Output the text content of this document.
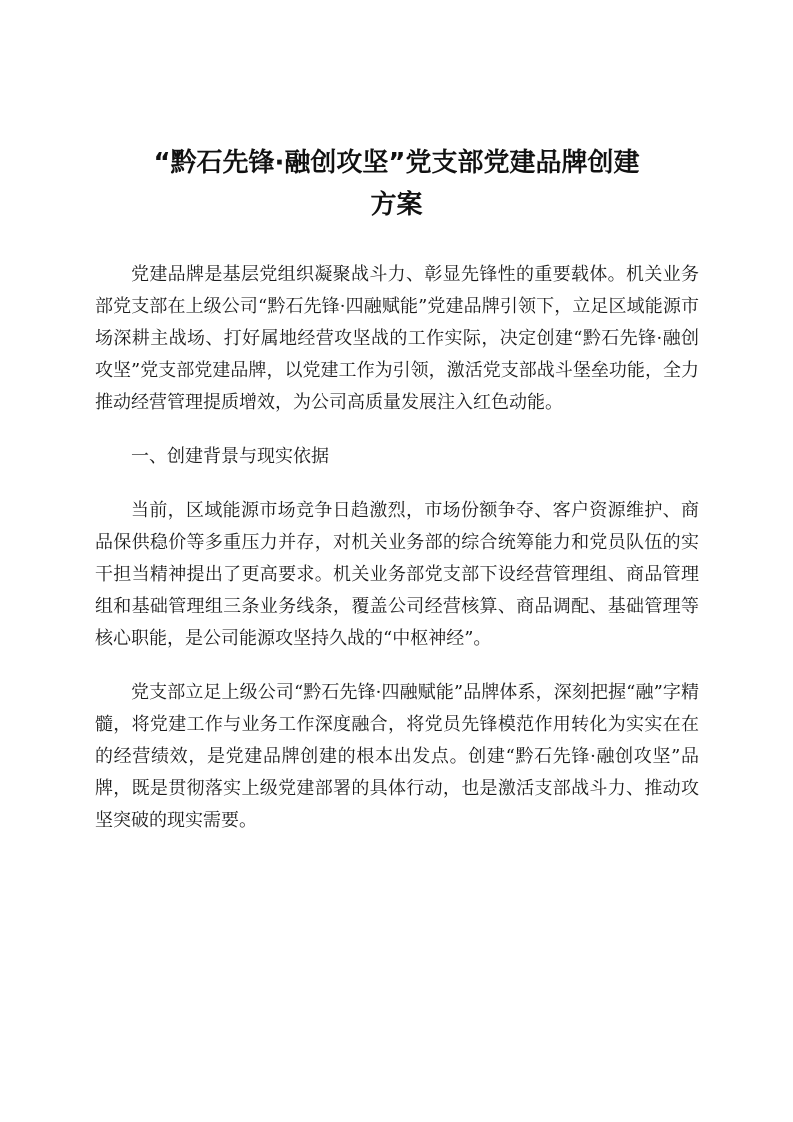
“黔石先锋·融创攻坚”党支部党建品牌创建
方案

党建品牌是基层党组织凝聚战斗力、彰显先锋性的重要载体。机关业务部党支部在上级公司“黔石先锋·四融赋能”党建品牌引领下，立足区域能源市场深耕主战场、打好属地经营攻坚战的工作实际，决定创建“黔石先锋·融创攻坚”党支部党建品牌，以党建工作为引领，激活党支部战斗堡垒功能，全力推动经营管理提质增效，为公司高质量发展注入红色动能。

一、创建背景与现实依据

当前，区域能源市场竞争日趋激烈，市场份额争夺、客户资源维护、商品保供稳价等多重压力并存，对机关业务部的综合统筹能力和党员队伍的实干担当精神提出了更高要求。机关业务部党支部下设经营管理组、商品管理组和基础管理组三条业务线条，覆盖公司经营核算、商品调配、基础管理等核心职能，是公司能源攻坚持久战的“中枢神经”。

党支部立足上级公司“黔石先锋·四融赋能”品牌体系，深刻把握“融”字精髓，将党建工作与业务工作深度融合，将党员先锋模范作用转化为实实在在的经营绩效，是党建品牌创建的根本出发点。创建“黔石先锋·融创攻坚”品牌，既是贯彻落实上级党建部署的具体行动，也是激活支部战斗力、推动攻坚突破的现实需要。
